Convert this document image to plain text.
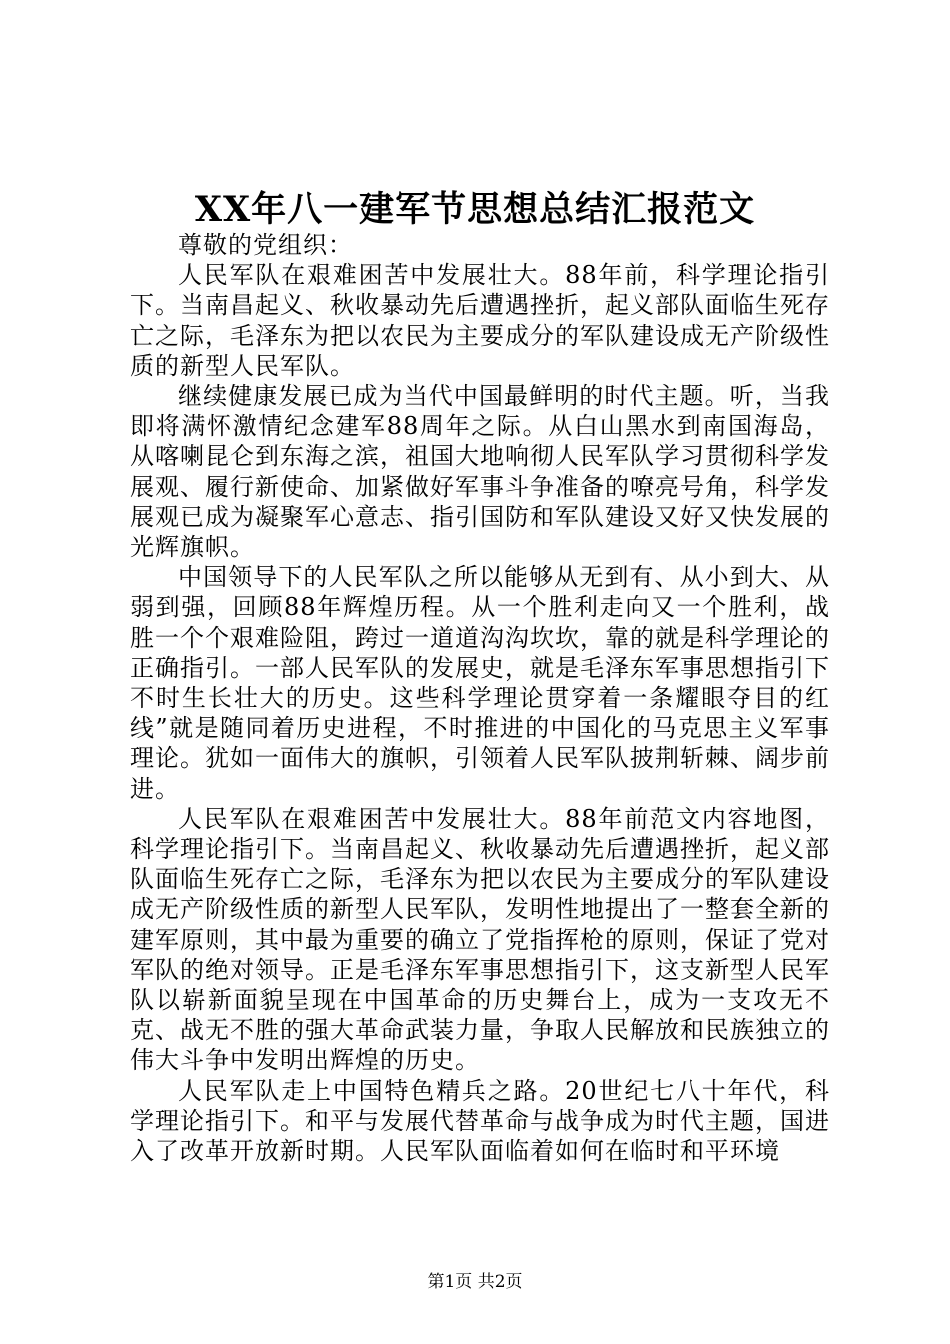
XX年八一建军节思想总结汇报范文

尊敬的党组织：

人民军队在艰难困苦中发展壮大。88年前，科学理论指引下。当南昌起义、秋收暴动先后遭遇挫折，起义部队面临生死存亡之际，毛泽东为把以农民为主要成分的军队建设成无产阶级性质的新型人民军队。

继续健康发展已成为当代中国最鲜明的时代主题。听，当我即将满怀激情纪念建军88周年之际。从白山黑水到南国海岛，从喀喇昆仑到东海之滨，祖国大地响彻人民军队学习贯彻科学发展观、履行新使命、加紧做好军事斗争准备的嘹亮号角，科学发展观已成为凝聚军心意志、指引国防和军队建设又好又快发展的光辉旗帜。

中国领导下的人民军队之所以能够从无到有、从小到大、从弱到强，回顾88年辉煌历程。从一个胜利走向又一个胜利，战胜一个个艰难险阻，跨过一道道沟沟坎坎，靠的就是科学理论的正确指引。一部人民军队的发展史，就是毛泽东军事思想指引下不时生长壮大的历史。这些科学理论贯穿着一条耀眼夺目的红线”就是随同着历史进程，不时推进的中国化的马克思主义军事理论。犹如一面伟大的旗帜，引领着人民军队披荆斩棘、阔步前进。

人民军队在艰难困苦中发展壮大。88年前范文内容地图，科学理论指引下。当南昌起义、秋收暴动先后遭遇挫折，起义部队面临生死存亡之际，毛泽东为把以农民为主要成分的军队建设成无产阶级性质的新型人民军队，发明性地提出了一整套全新的建军原则，其中最为重要的确立了党指挥枪的原则，保证了党对军队的绝对领导。正是毛泽东军事思想指引下，这支新型人民军队以崭新面貌呈现在中国革命的历史舞台上，成为一支攻无不克、战无不胜的强大革命武装力量，争取人民解放和民族独立的伟大斗争中发明出辉煌的历史。

人民军队走上中国特色精兵之路。20世纪七八十年代，科学理论指引下。和平与发展代替革命与战争成为时代主题，国进入了改革开放新时期。人民军队面临着如何在临时和平环境

第1页 共2页
